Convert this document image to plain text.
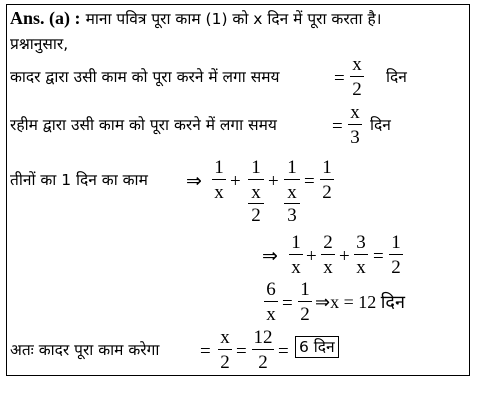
Ans. (a) : माना पवित्र पूरा काम (1) को x दिन में पूरा करता है।
प्रश्नानुसार,
कादर द्वारा उसी काम को पूरा करने में लगा समय	=
x
2
दिन
रहीम द्वारा उसी काम को पूरा करने में लगा समय	=
x
3
दिन
तीनों का 1 दिन का काम ⇒
1
x
+
1
x
2
+
1
x
3
=
1
2
⇒
1
x
+
2
x
+
3
x
=
1
2
6
x
=
1
2
⇒x = 12 दिन
अतः कादर पूरा काम करेगा =
x
2
=
12
2
= 6 दिन
